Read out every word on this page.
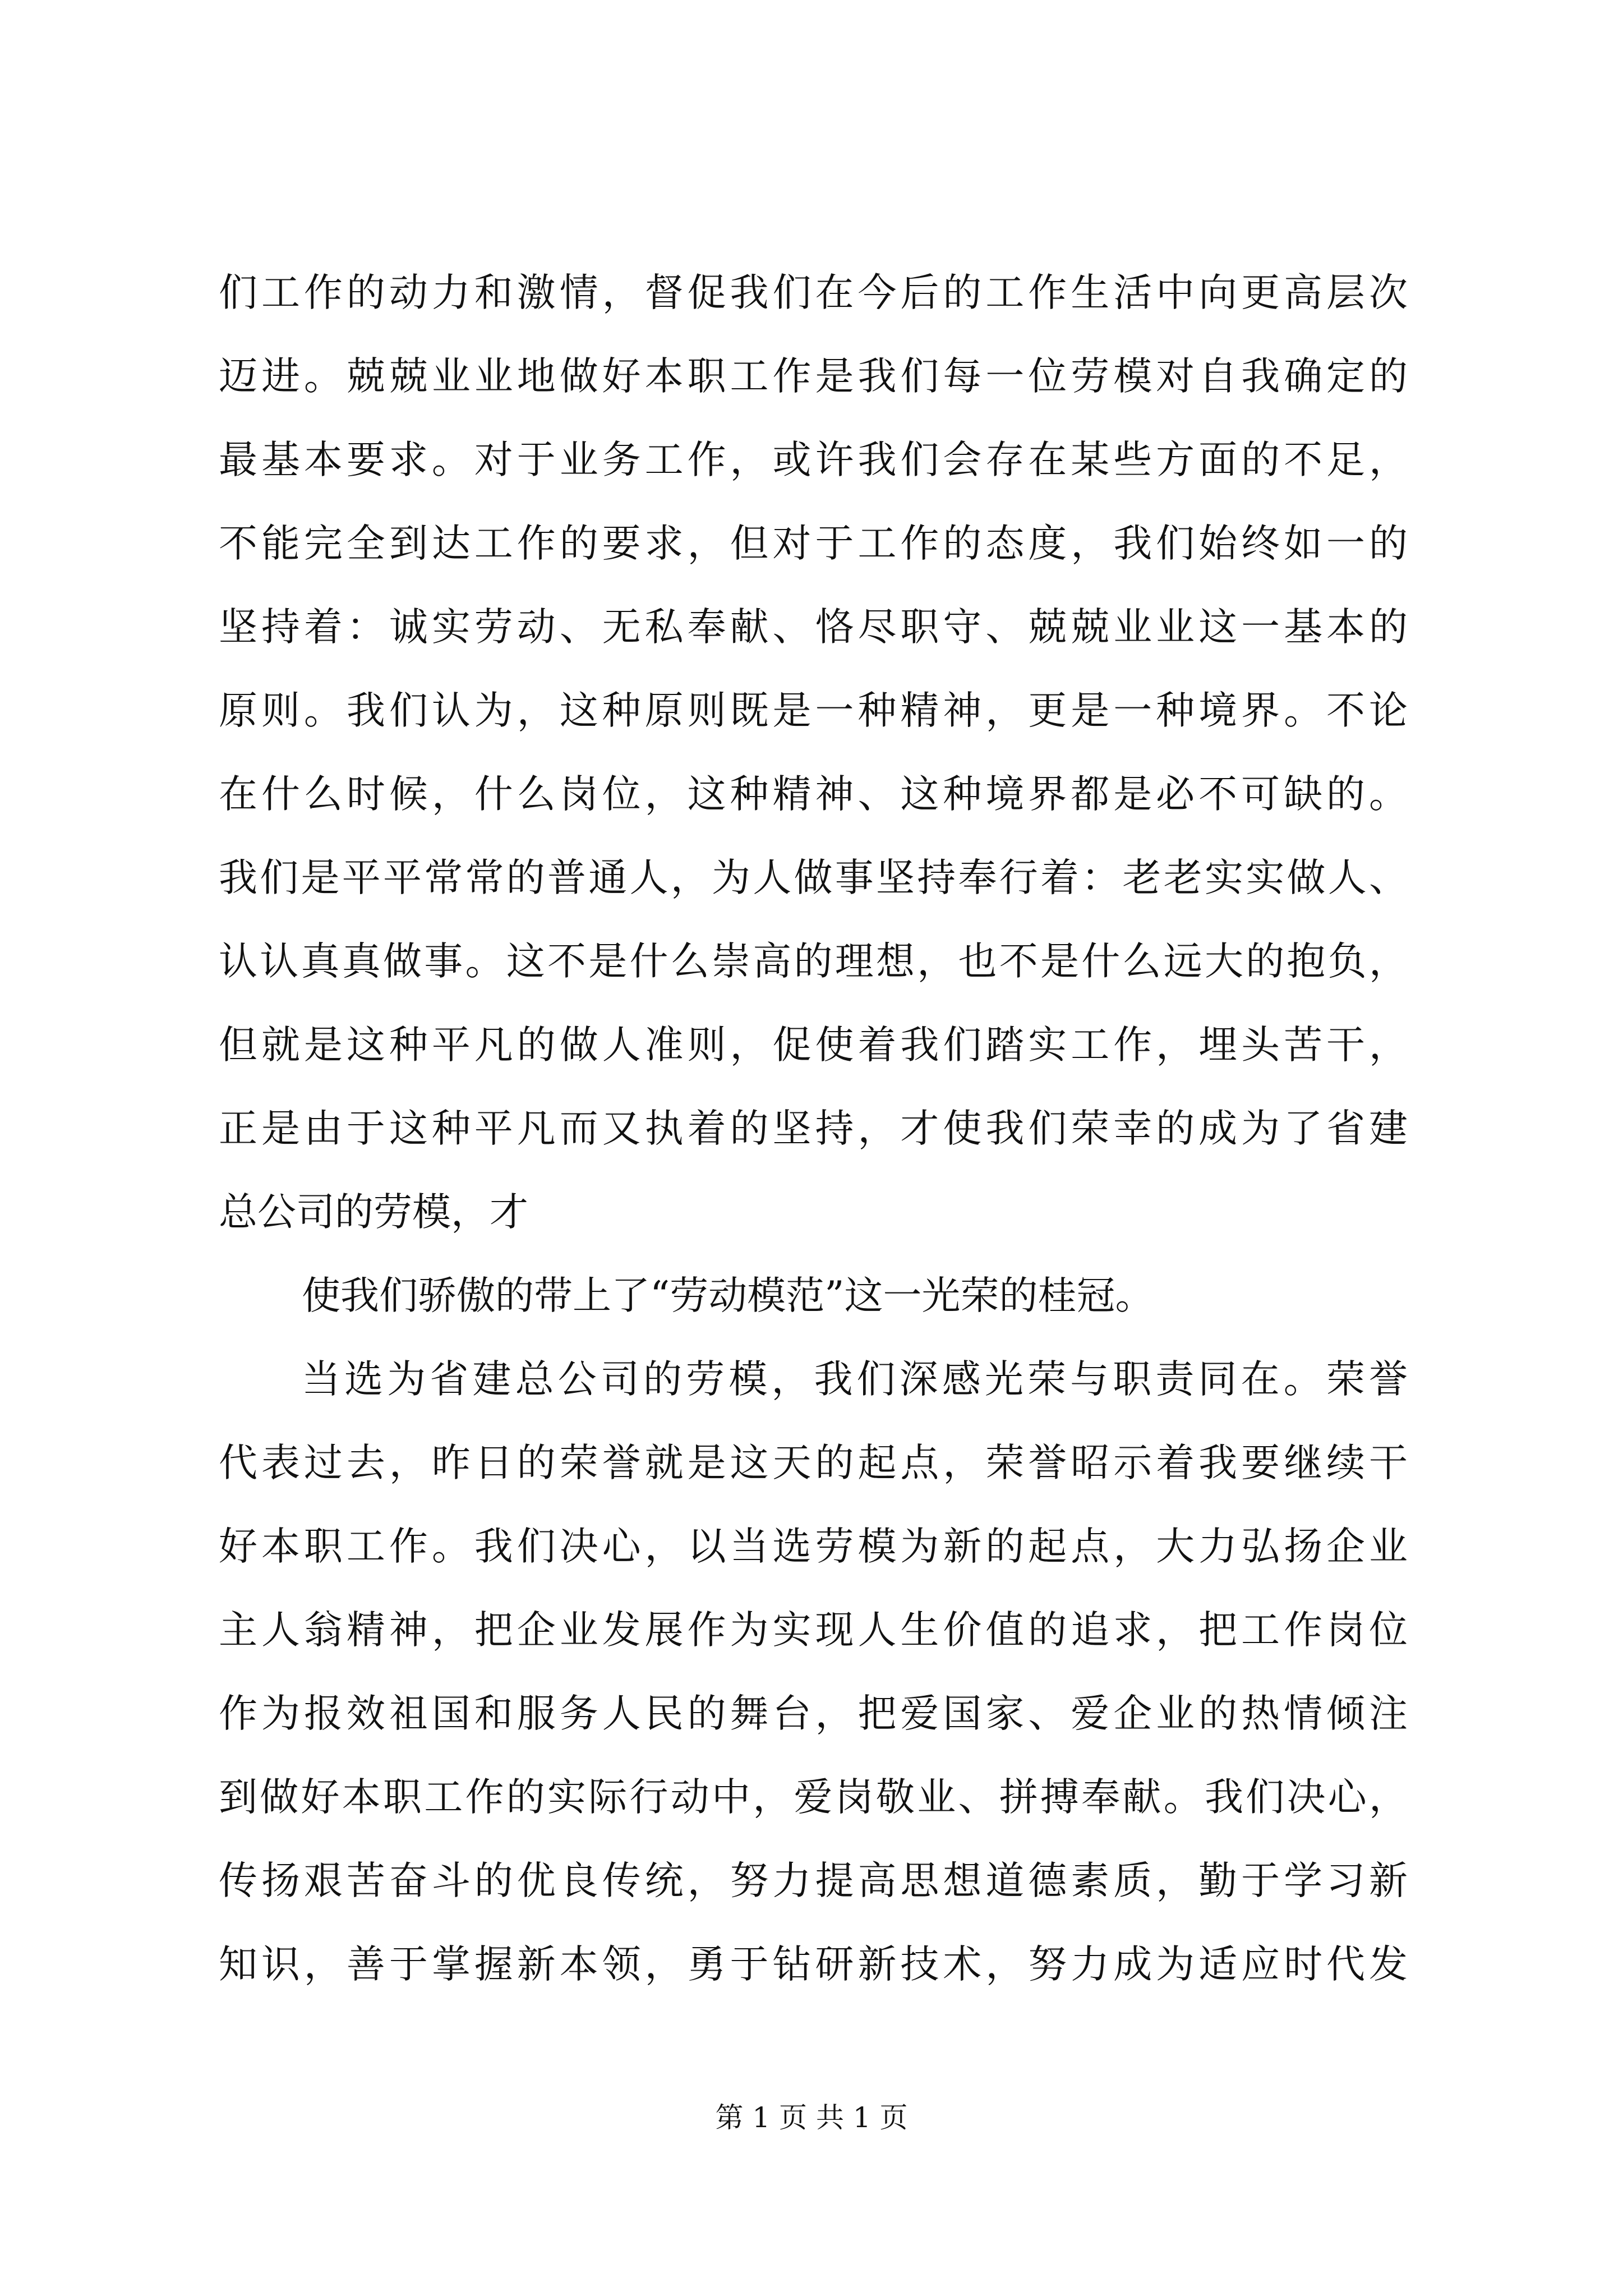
们工作的动力和激情，督促我们在今后的工作生活中向更高层次
迈进。兢兢业业地做好本职工作是我们每一位劳模对自我确定的
最基本要求。对于业务工作，或许我们会存在某些方面的不足，
不能完全到达工作的要求，但对于工作的态度，我们始终如一的
坚持着：诚实劳动、无私奉献、恪尽职守、兢兢业业这一基本的
原则。我们认为，这种原则既是一种精神，更是一种境界。不论
在什么时候，什么岗位，这种精神、这种境界都是必不可缺的。
我们是平平常常的普通人，为人做事坚持奉行着：老老实实做人、
认认真真做事。这不是什么崇高的理想，也不是什么远大的抱负，
但就是这种平凡的做人准则，促使着我们踏实工作，埋头苦干，
正是由于这种平凡而又执着的坚持，才使我们荣幸的成为了省建
总公司的劳模，才
使我们骄傲的带上了“劳动模范”这一光荣的桂冠。
当选为省建总公司的劳模，我们深感光荣与职责同在。荣誉
代表过去，昨日的荣誉就是这天的起点，荣誉昭示着我要继续干
好本职工作。我们决心，以当选劳模为新的起点，大力弘扬企业
主人翁精神，把企业发展作为实现人生价值的追求，把工作岗位
作为报效祖国和服务人民的舞台，把爱国家、爱企业的热情倾注
到做好本职工作的实际行动中，爱岗敬业、拼搏奉献。我们决心，
传扬艰苦奋斗的优良传统，努力提高思想道德素质，勤于学习新
知识，善于掌握新本领，勇于钻研新技术，努力成为适应时代发
第 1 页 共 1 页
